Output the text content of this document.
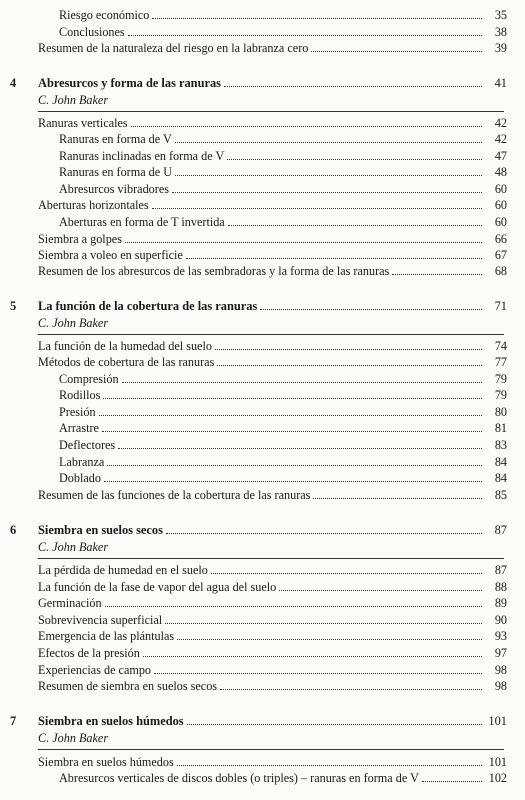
Riesgo económico	35
Conclusiones	38
Resumen de la naturaleza del riesgo en la labranza cero	39
4 Abresurcos y forma de las ranuras	41
C. John Baker
Ranuras verticales	42
Ranuras en forma de V	42
Ranuras inclinadas en forma de V	47
Ranuras en forma de U	48
Abresurcos vibradores	60
Aberturas horizontales	60
Aberturas en forma de T invertida	60
Siembra a golpes	66
Siembra a voleo en superficie	67
Resumen de los abresurcos de las sembradoras y la forma de las ranuras	68
5 La función de la cobertura de las ranuras	71
C. John Baker
La función de la humedad del suelo	74
Métodos de cobertura de las ranuras	77
Compresión	79
Rodillos	79
Presión	80
Arrastre	81
Deflectores	83
Labranza	84
Doblado	84
Resumen de las funciones de la cobertura de las ranuras	85
6 Siembra en suelos secos	87
C. John Baker
La pérdida de humedad en el suelo	87
La función de la fase de vapor del agua del suelo	88
Germinación	89
Sobrevivencia superficial	90
Emergencia de las plántulas	93
Efectos de la presión	97
Experiencias de campo	98
Resumen de siembra en suelos secos	98
7 Siembra en suelos húmedos	101
C. John Baker
Siembra en suelos húmedos	101
Abresurcos verticales de discos dobles (o triples) – ranuras en forma de V	102
